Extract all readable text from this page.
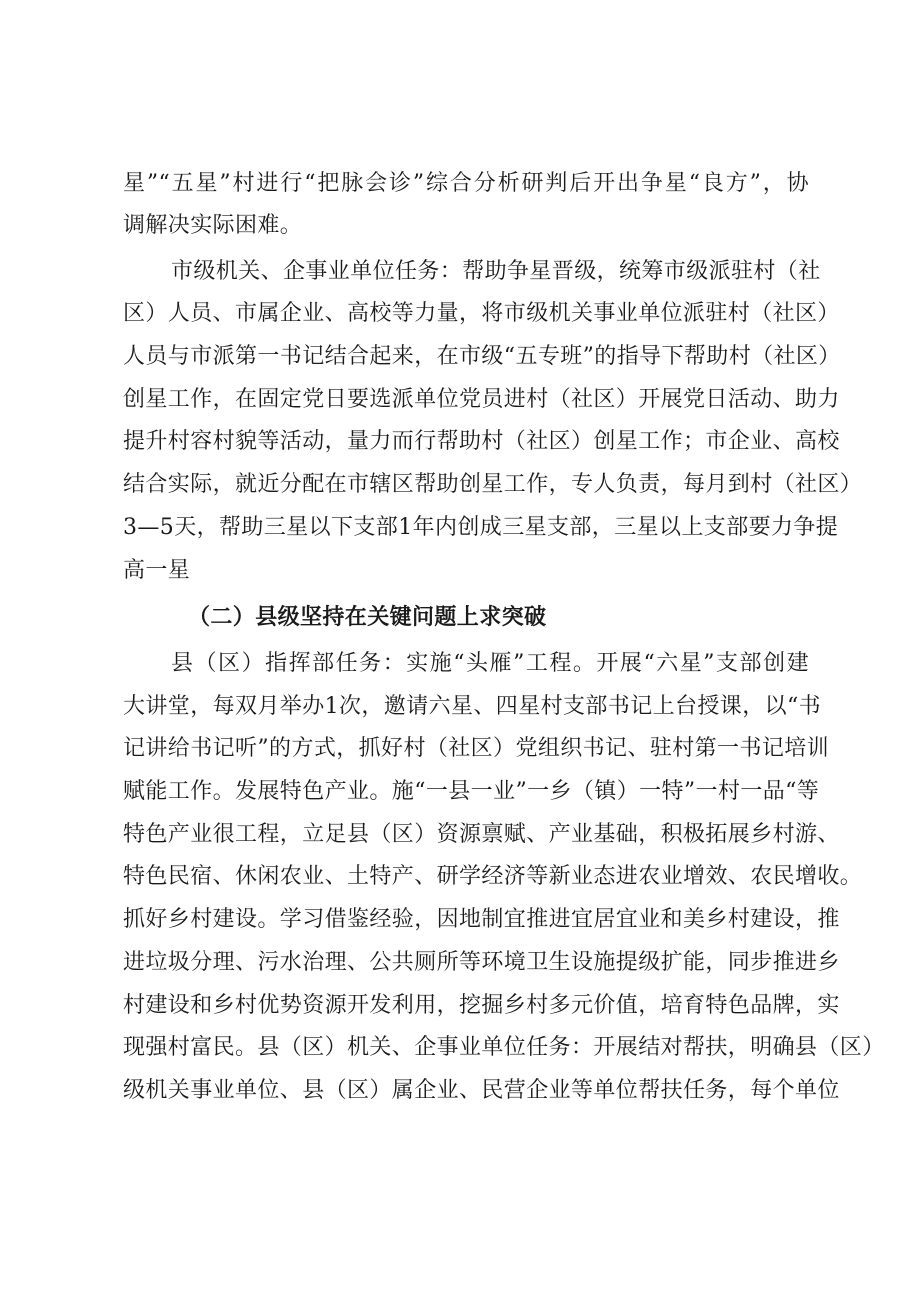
星”“五星”村进行“把脉会诊”综合分析研判后开出争星“良方”，协
调解决实际困难。
市级机关、企事业单位任务：帮助争星晋级，统筹市级派驻村（社
区）人员、市属企业、高校等力量，将市级机关事业单位派驻村（社区）
人员与市派第一书记结合起来，在市级“五专班”的指导下帮助村（社区）
创星工作，在固定党日要选派单位党员进村（社区）开展党日活动、助力
提升村容村貌等活动，量力而行帮助村（社区）创星工作；市企业、高校
结合实际，就近分配在市辖区帮助创星工作，专人负责，每月到村（社区）
3—5天，帮助三星以下支部1年内创成三星支部，三星以上支部要力争提
高一星
（二）县级坚持在关键问题上求突破
县（区）指挥部任务：实施“头雁”工程。开展“六星”支部创建
大讲堂，每双月举办1次，邀请六星、四星村支部书记上台授课，以“书
记讲给书记听”的方式，抓好村（社区）党组织书记、驻村第一书记培训
赋能工作。发展特色产业。施“一县一业”一乡（镇）一特”一村一品“等
特色产业很工程，立足县（区）资源禀赋、产业基础，积极拓展乡村游、
特色民宿、休闲农业、土特产、研学经济等新业态进农业增效、农民增收。
抓好乡村建设。学习借鉴经验，因地制宜推进宜居宜业和美乡村建设，推
进垃圾分理、污水治理、公共厕所等环境卫生设施提级扩能，同步推进乡
村建设和乡村优势资源开发利用，挖掘乡村多元价值，培育特色品牌，实
现强村富民。县（区）机关、企事业单位任务：开展结对帮扶，明确县（区）
级机关事业单位、县（区）属企业、民营企业等单位帮扶任务，每个单位
